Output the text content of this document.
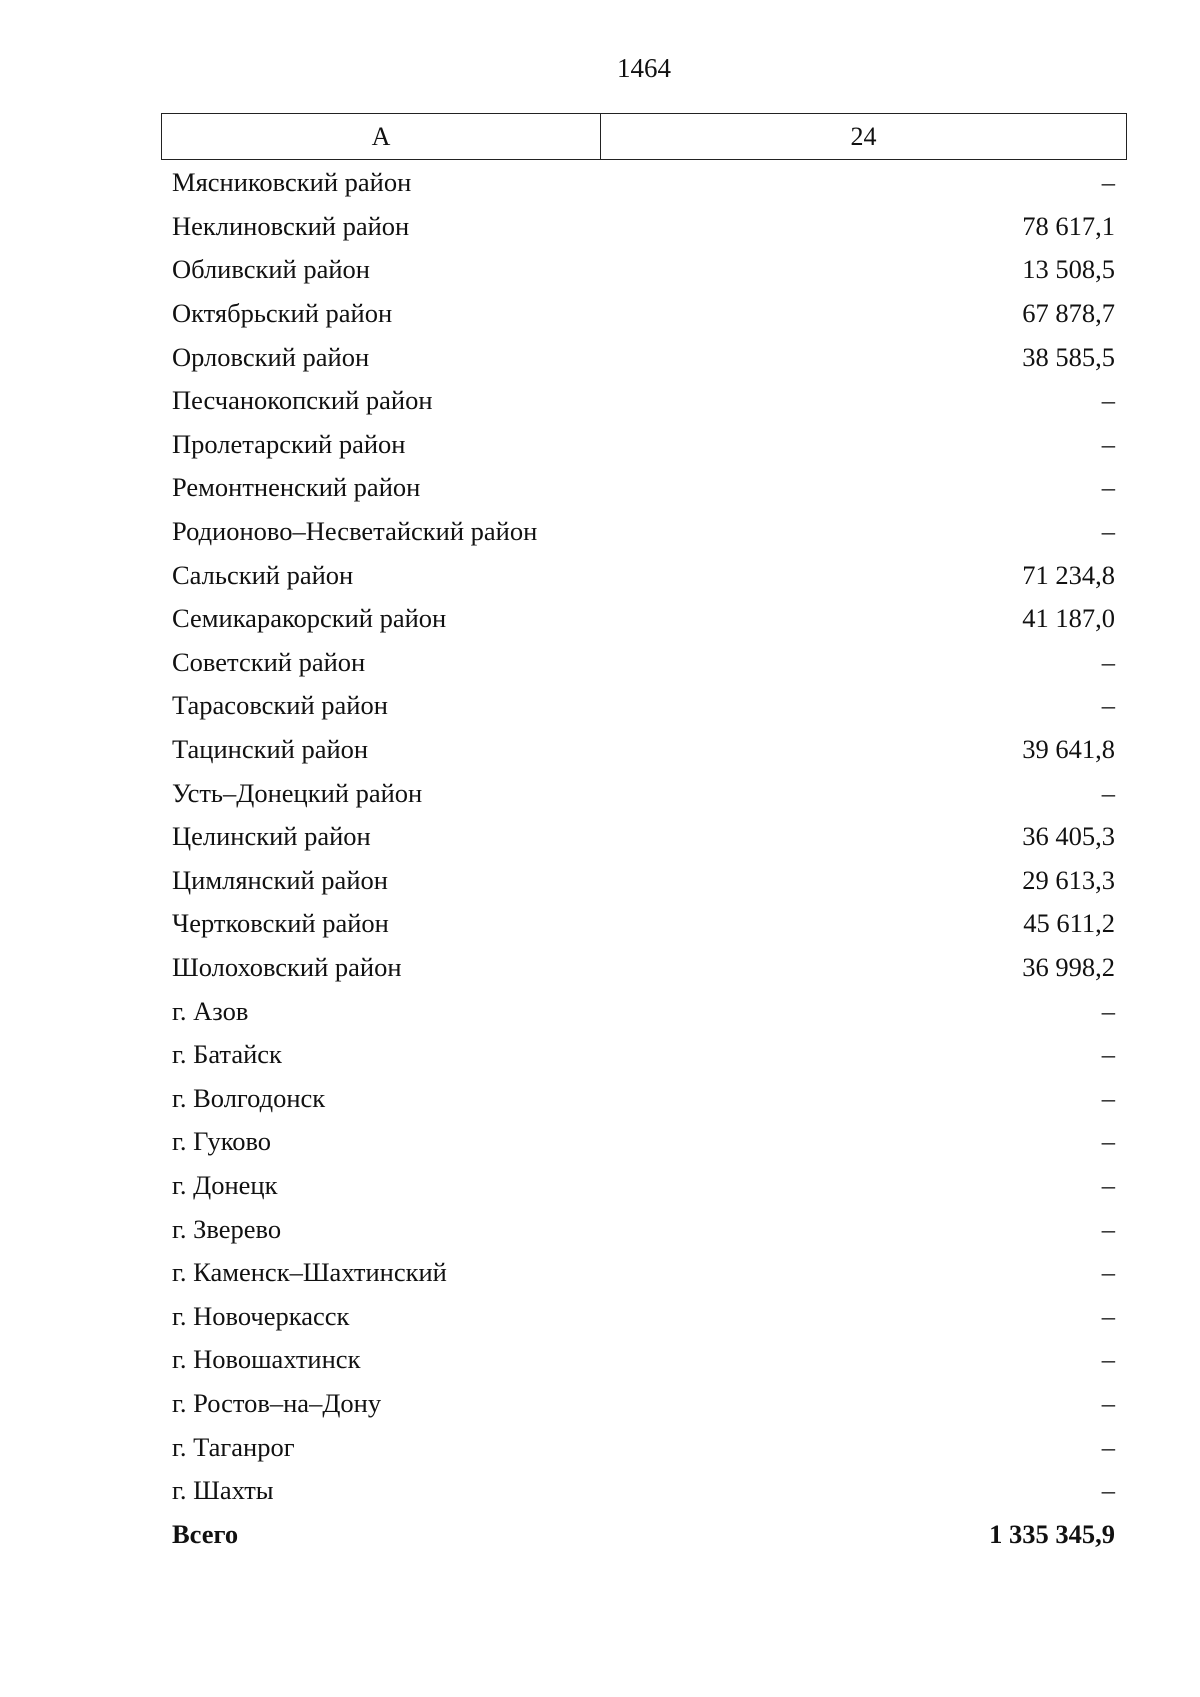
1464
А	24
Мясниковский район	–
Неклиновский район	78 617,1
Обливский район	13 508,5
Октябрьский район	67 878,7
Орловский район	38 585,5
Песчанокопский район	–
Пролетарский район	–
Ремонтненский район	–
Родионово–Несветайский район	–
Сальский район	71 234,8
Семикаракорский район	41 187,0
Советский район	–
Тарасовский район	–
Тацинский район	39 641,8
Усть–Донецкий район	–
Целинский район	36 405,3
Цимлянский район	29 613,3
Чертковский район	45 611,2
Шолоховский район	36 998,2
г. Азов	–
г. Батайск	–
г. Волгодонск	–
г. Гуково	–
г. Донецк	–
г. Зверево	–
г. Каменск–Шахтинский	–
г. Новочеркасск	–
г. Новошахтинск	–
г. Ростов–на–Дону	–
г. Таганрог	–
г. Шахты	–
Всего	1 335 345,9
